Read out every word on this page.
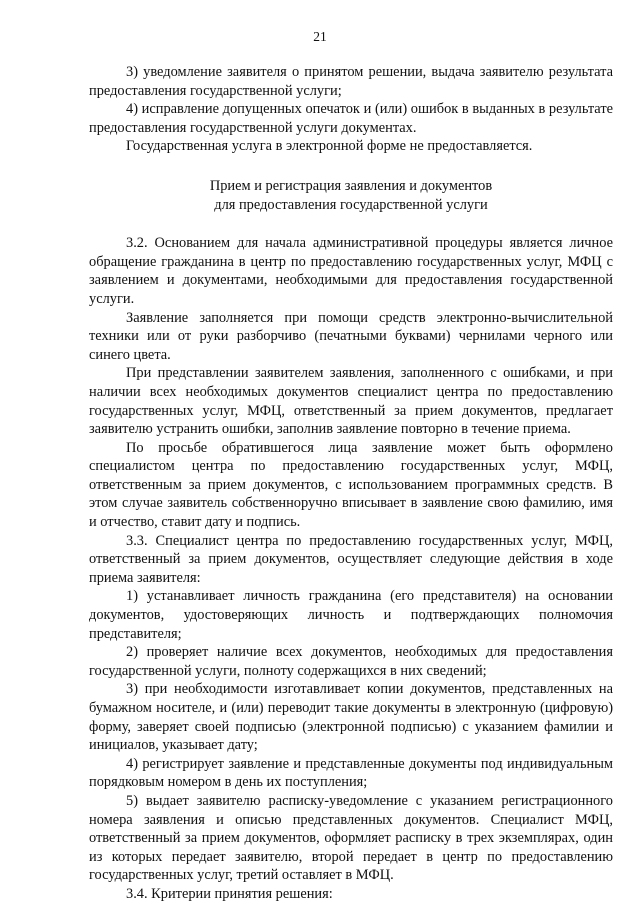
21

3) уведомление заявителя о принятом решении, выдача заявителю результата предоставления государственной услуги;

4) исправление допущенных опечаток и (или) ошибок в выданных в результате предоставления государственной услуги документах.

Государственная услуга в электронной форме не предоставляется.

Прием и регистрация заявления и документов

для предоставления государственной услуги

3.2. Основанием для начала административной процедуры является личное обращение гражданина в центр по предоставлению государственных услуг, МФЦ с заявлением и документами, необходимыми для предоставления государственной услуги.

Заявление заполняется при помощи средств электронно-вычислительной техники или от руки разборчиво (печатными буквами) чернилами черного или синего цвета.

При представлении заявителем заявления, заполненного с ошибками, и при наличии всех необходимых документов специалист центра по предоставлению государственных услуг, МФЦ, ответственный за прием документов, предлагает заявителю устранить ошибки, заполнив заявление повторно в течение приема.

По просьбе обратившегося лица заявление может быть оформлено специалистом центра по предоставлению государственных услуг, МФЦ, ответственным за прием документов, с использованием программных средств. В этом случае заявитель собственноручно вписывает в заявление свою фамилию, имя и отчество, ставит дату и подпись.

3.3. Специалист центра по предоставлению государственных услуг, МФЦ, ответственный за прием документов, осуществляет следующие действия в ходе приема заявителя:

1) устанавливает личность гражданина (его представителя) на основании документов, удостоверяющих личность и подтверждающих полномочия представителя;

2) проверяет наличие всех документов, необходимых для предоставления государственной услуги, полноту содержащихся в них сведений;

3) при необходимости изготавливает копии документов, представленных на бумажном носителе, и (или) переводит такие документы в электронную (цифровую) форму, заверяет своей подписью (электронной подписью) с указанием фамилии и инициалов, указывает дату;

4) регистрирует заявление и представленные документы под индивидуальным порядковым номером в день их поступления;

5) выдает заявителю расписку-уведомление с указанием регистрационного номера заявления и описью представленных документов. Специалист МФЦ, ответственный за прием документов, оформляет расписку в трех экземплярах, один из которых передает заявителю, второй передает в центр по предоставлению государственных услуг, третий оставляет в МФЦ.

3.4. Критерии принятия решения:
